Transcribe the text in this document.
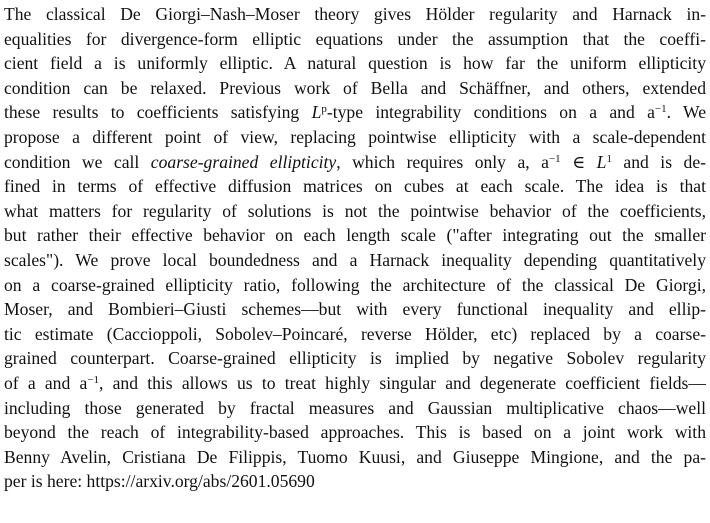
The classical De Giorgi–Nash–Moser theory gives Hölder regularity and Harnack in-
equalities for divergence-form elliptic equations under the assumption that the coeffi-
cient field a is uniformly elliptic. A natural question is how far the uniform ellipticity
condition can be relaxed. Previous work of Bella and Schäffner, and others, extended
these results to coefficients satisfying $L^p$-type integrability conditions on a and $a^{-1}$. We
propose a different point of view, replacing pointwise ellipticity with a scale-dependent
condition we call coarse-grained ellipticity, which requires only a, $a^{-1}$ ∈ $L^1$ and is de-
fined in terms of effective diffusion matrices on cubes at each scale. The idea is that
what matters for regularity of solutions is not the pointwise behavior of the coefficients,
but rather their effective behavior on each length scale ("after integrating out the smaller
scales"). We prove local boundedness and a Harnack inequality depending quantitatively
on a coarse-grained ellipticity ratio, following the architecture of the classical De Giorgi,
Moser, and Bombieri–Giusti schemes—but with every functional inequality and ellip-
tic estimate (Caccioppoli, Sobolev–Poincaré, reverse Hölder, etc) replaced by a coarse-
grained counterpart. Coarse-grained ellipticity is implied by negative Sobolev regularity
of a and $a^{-1}$, and this allows us to treat highly singular and degenerate coefficient fields—
including those generated by fractal measures and Gaussian multiplicative chaos—well
beyond the reach of integrability-based approaches. This is based on a joint work with
Benny Avelin, Cristiana De Filippis, Tuomo Kuusi, and Giuseppe Mingione, and the pa-
per is here: https://arxiv.org/abs/2601.05690
